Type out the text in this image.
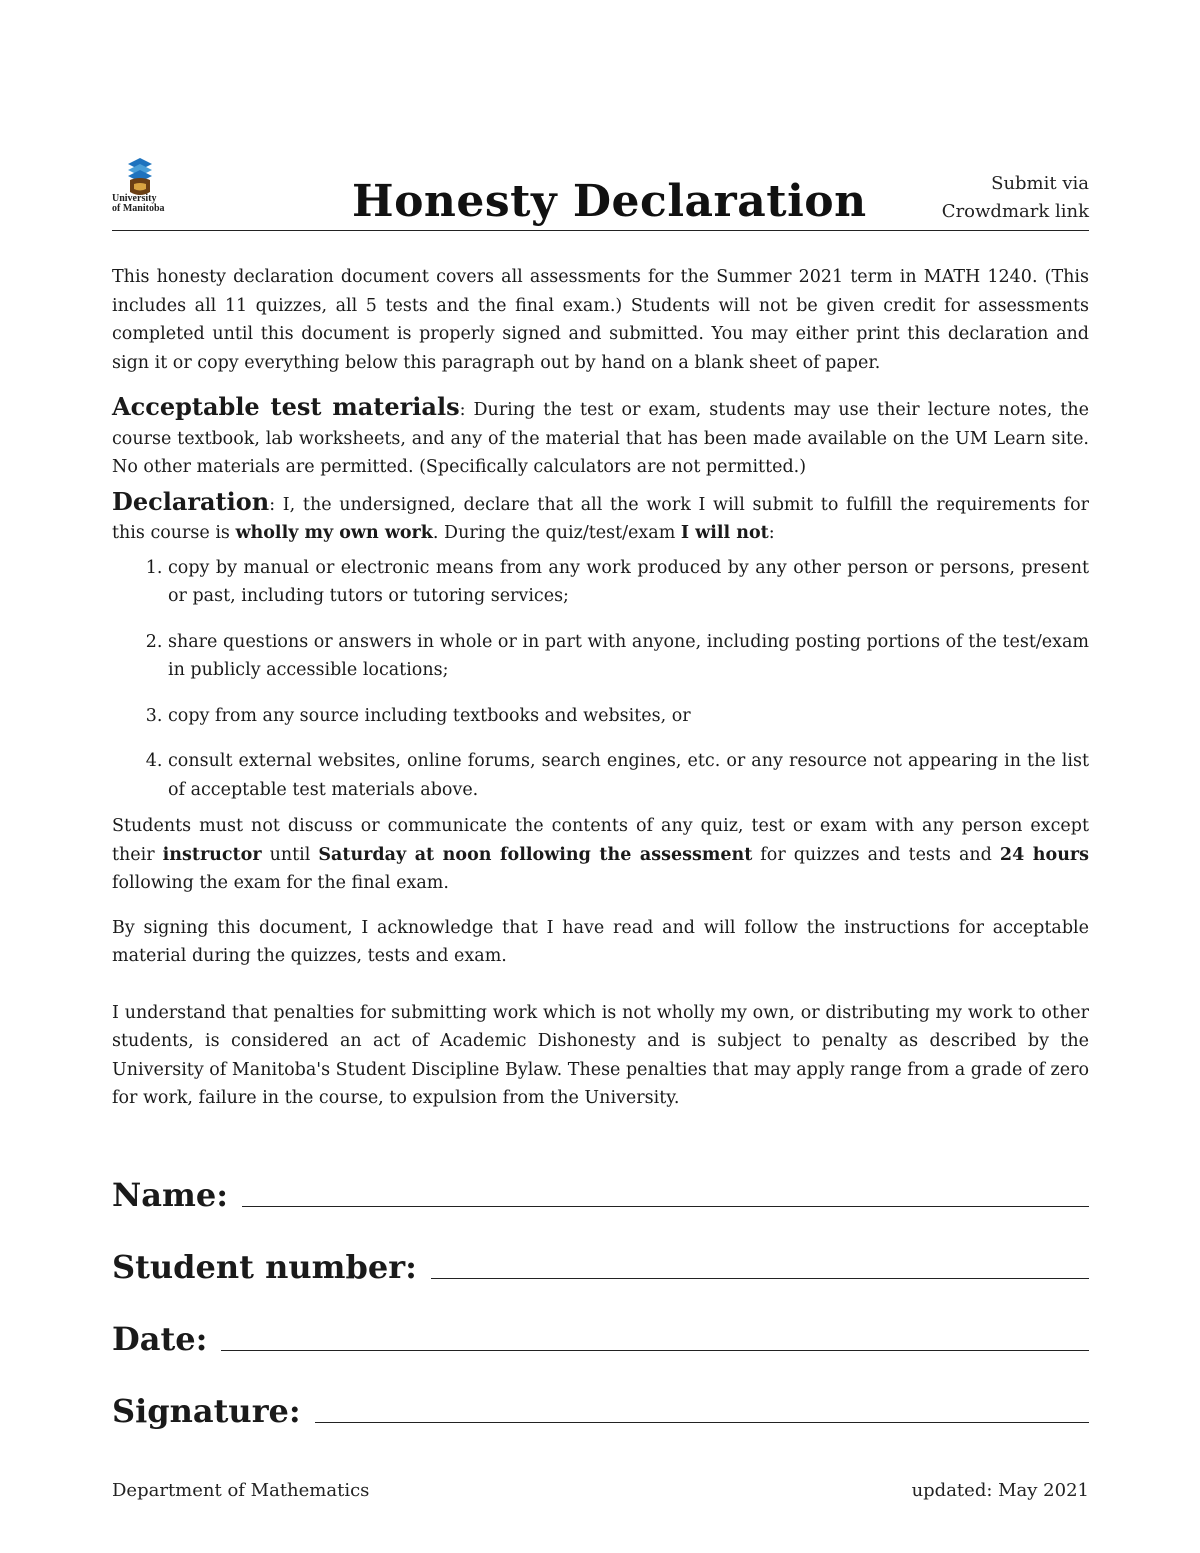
University
of Manitoba	Honesty Declaration	Submit via
Crowdmark link

This honesty declaration document covers all assessments for the Summer 2021 term in MATH 1240. (This includes all 11 quizzes, all 5 tests and the final exam.) Students will not be given credit for assessments completed until this document is properly signed and submitted. You may either print this declaration and sign it or copy everything below this paragraph out by hand on a blank sheet of paper.

Acceptable test materials: During the test or exam, students may use their lecture notes, the course textbook, lab worksheets, and any of the material that has been made available on the UM Learn site. No other materials are permitted. (Specifically calculators are not permitted.)

Declaration: I, the undersigned, declare that all the work I will submit to fulfill the requirements for this course is wholly my own work. During the quiz/test/exam I will not:

1. copy by manual or electronic means from any work produced by any other person or persons, present or past, including tutors or tutoring services;
2. share questions or answers in whole or in part with anyone, including posting portions of the test/exam in publicly accessible locations;
3. copy from any source including textbooks and websites, or
4. consult external websites, online forums, search engines, etc. or any resource not appearing in the list of acceptable test materials above.

Students must not discuss or communicate the contents of any quiz, test or exam with any person except their instructor until Saturday at noon following the assessment for quizzes and tests and 24 hours following the exam for the final exam.

By signing this document, I acknowledge that I have read and will follow the instructions for acceptable material during the quizzes, tests and exam.

I understand that penalties for submitting work which is not wholly my own, or distributing my work to other students, is considered an act of Academic Dishonesty and is subject to penalty as described by the University of Manitoba's Student Discipline Bylaw. These penalties that may apply range from a grade of zero for work, failure in the course, to expulsion from the University.

Name:
Student number:
Date:
Signature:
Department of Mathematics	updated: May 2021
